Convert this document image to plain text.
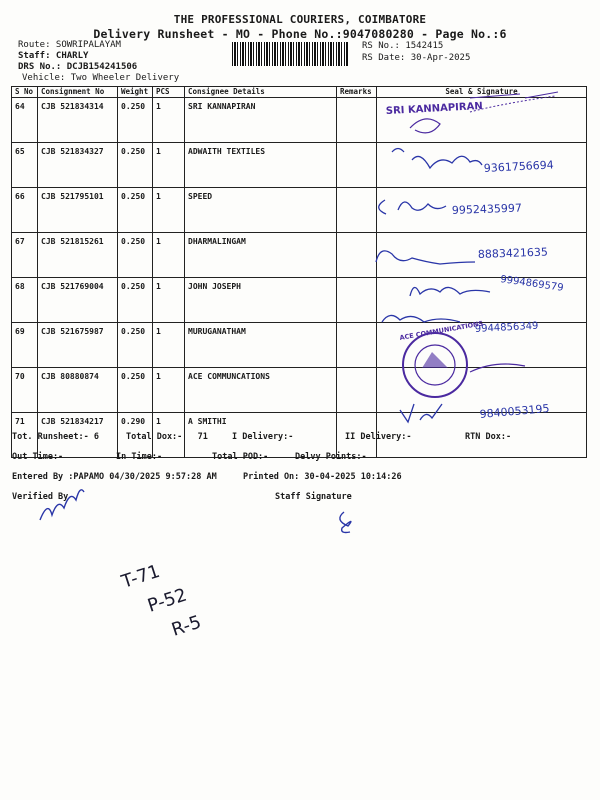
THE PROFESSIONAL COURIERS, COIMBATORE
Delivery Runsheet - MO - Phone No.:9047080280 - Page No.:6
Route: SOWRIPALAYAM
Staff: CHARLY
DRS No.: DCJB154241506
Vehicle: Two Wheeler Delivery
RS No.: 1542415
RS Date: 30-Apr-2025
S No	Consignment No	Weight	PCS	Consignee Details	Remarks	Seal & Signature
64	CJB 521834314	0.250	1	SRI KANNAPIRAN		
65	CJB 521834327	0.250	1	ADWAITH TEXTILES		
66	CJB 521795101	0.250	1	SPEED		
67	CJB 521815261	0.250	1	DHARMALINGAM		
68	CJB 521769004	0.250	1	JOHN JOSEPH		
69	CJB 521675987	0.250	1	MURUGANATHAM		
70	CJB 80880874	0.250	1	ACE COMMUNCATIONS		
71	CJB 521834217	0.290	1	A SMITHI		
Tot. Runsheet:- 6	Total Dox:-   71	I Delivery:-	II Delivery:-	RTN Dox:-
Out Time:-	In Time:-	Total POD:-	Delvy Points:-
Entered By :PAPAMO 04/30/2025 9:57:28 AM	Printed On: 30-04-2025 10:14:26
Verified By	Staff Signature
SRI KANNAPIRAN
9361756694
9952435997
8883421635
9994869579
9944856349
ACE COMMUNICATIONS
9840053195
T-71
P-52
R-5
